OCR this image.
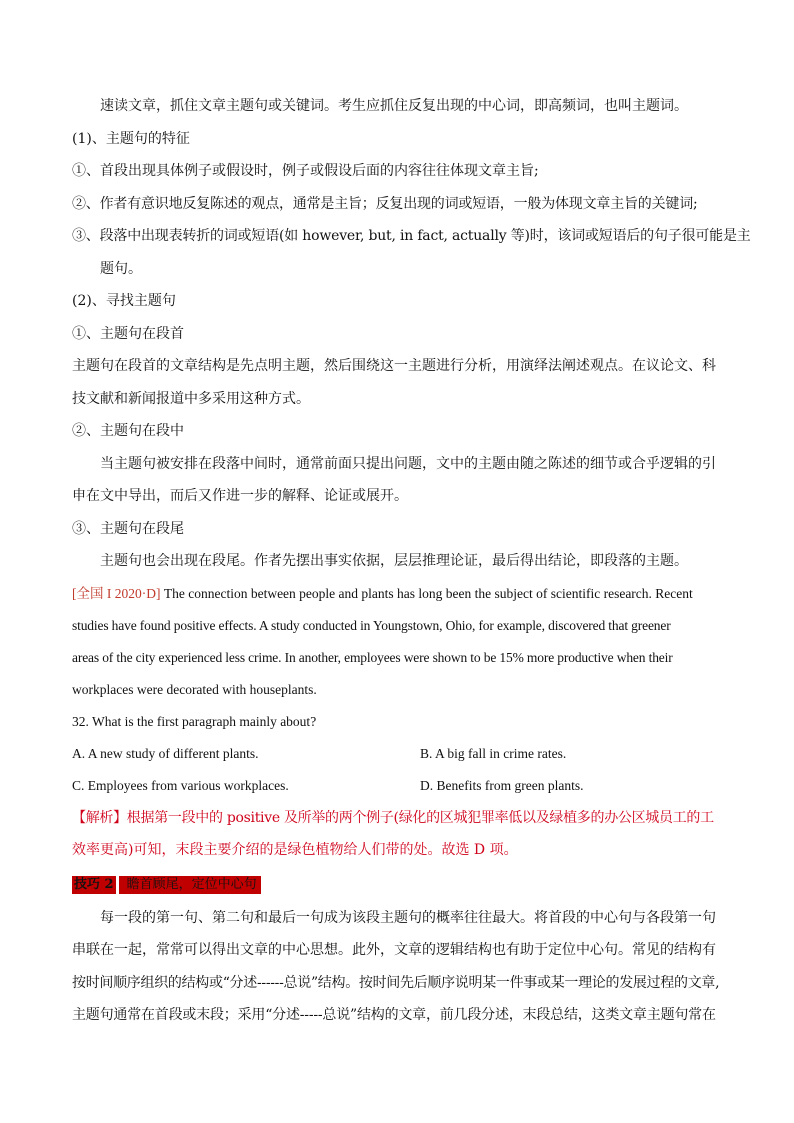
速读文章，抓住文章主题句或关键词。考生应抓住反复出现的中心词，即高频词，也叫主题词。

(1)、主题句的特征

①、首段出现具体例子或假设时，例子或假设后面的内容往往体现文章主旨;

②、作者有意识地反复陈述的观点，通常是主旨；反复出现的词或短语，一般为体现文章主旨的关键词;

③、段落中出现表转折的词或短语(如 however, but, in fact, actually 等)时，该词或短语后的句子很可能是主

题句。

(2)、寻找主题句

①、主题句在段首

主题句在段首的文章结构是先点明主题，然后围绕这一主题进行分析，用演绎法阐述观点。在议论文、科

技文献和新闻报道中多采用这种方式。

②、主题句在段中

当主题句被安排在段落中间时，通常前面只提出问题，文中的主题由随之陈述的细节或合乎逻辑的引

申在文中导出，而后又作进一步的解释、论证或展开。

③、主题句在段尾

主题句也会出现在段尾。作者先摆出事实依据，层层推理论证，最后得出结论，即段落的主题。

[全国 I 2020·D] The connection between people and plants has long been the subject of scientific research. Recent

studies have found positive effects. A study conducted in Youngstown, Ohio, for example, discovered that greener

areas of the city experienced less crime. In another, employees were shown to be 15% more productive when their

workplaces were decorated with houseplants.

32. What is the first paragraph mainly about?

A. A new study of different plants.	B. A big fall in crime rates.
C. Employees from various workplaces.	D. Benefits from green plants.

【解析】根据第一段中的 positive 及所举的两个例子(绿化的区城犯罪率低以及绿植多的办公区城员工的工

效率更高)可知，末段主要介绍的是绿色植物给人们带的处。故选 D 项。

技巧 2 瞻首顾尾，定位中心句

每一段的第一句、第二句和最后一句成为该段主题句的概率往往最大。将首段的中心句与各段第一句

串联在一起，常常可以得出文章的中心思想。此外，文章的逻辑结构也有助于定位中心句。常见的结构有

按时间顺序组织的结构或“分述------总说”结构。按时间先后顺序说明某一件事或某一理论的发展过程的文章,

主题句通常在首段或末段；采用“分述-----总说”结构的文章，前几段分述，末段总结，这类文章主题句常在
